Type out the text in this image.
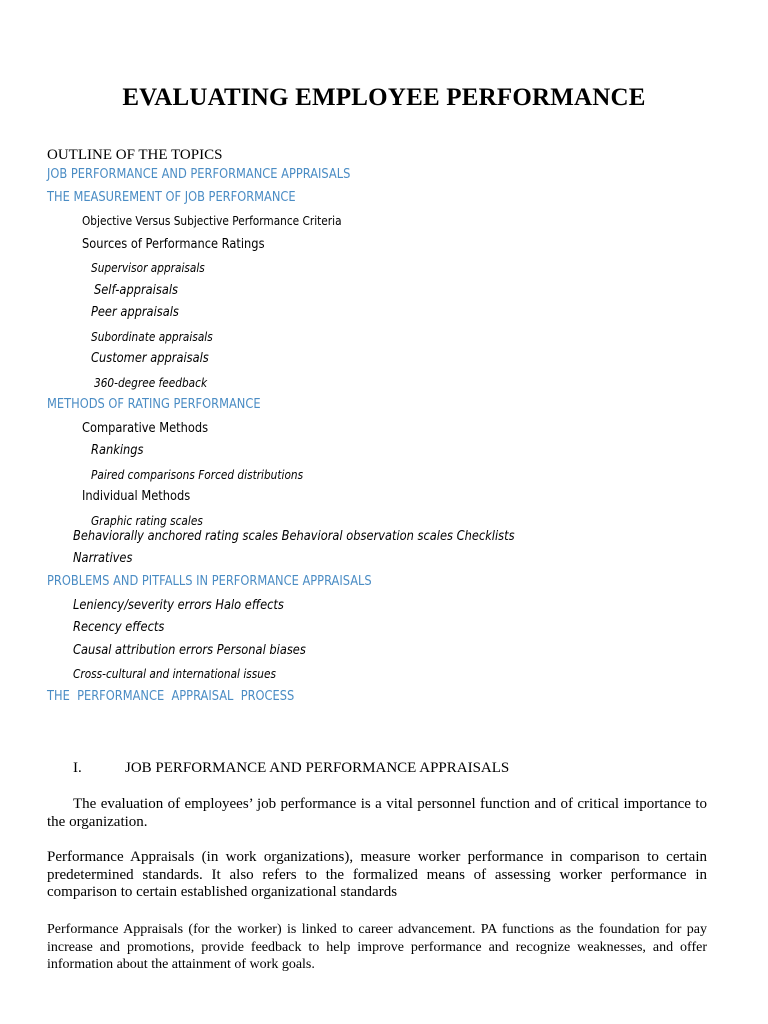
EVALUATING EMPLOYEE PERFORMANCE
OUTLINE OF THE TOPICS
JOB PERFORMANCE AND PERFORMANCE APPRAISALS
THE MEASUREMENT OF JOB PERFORMANCE
Objective Versus Subjective Performance Criteria
Sources of Performance Ratings
Supervisor appraisals
Self-appraisals
Peer appraisals
Subordinate appraisals
Customer appraisals
360-degree feedback
METHODS OF RATING PERFORMANCE
Comparative Methods
Rankings
Paired comparisons Forced distributions
Individual Methods
Graphic rating scales
Behaviorally anchored rating scales Behavioral observation scales Checklists
Narratives
PROBLEMS AND PITFALLS IN PERFORMANCE APPRAISALS
Leniency/severity errors Halo effects
Recency effects
Causal attribution errors Personal biases
Cross-cultural and international issues
THE  PERFORMANCE  APPRAISAL  PROCESS
I.	JOB PERFORMANCE AND PERFORMANCE APPRAISALS
The evaluation of employees’ job performance is a vital personnel function and of critical importance to the organization.
Performance Appraisals (in work organizations), measure worker performance in comparison to certain predetermined standards. It also refers to the formalized means of assessing worker performance in comparison to certain established organizational standards
Performance Appraisals (for the worker) is linked to career advancement. PA functions as the foundation for pay increase and promotions, provide feedback to help improve performance and recognize weaknesses, and offer information about the attainment of work goals.
